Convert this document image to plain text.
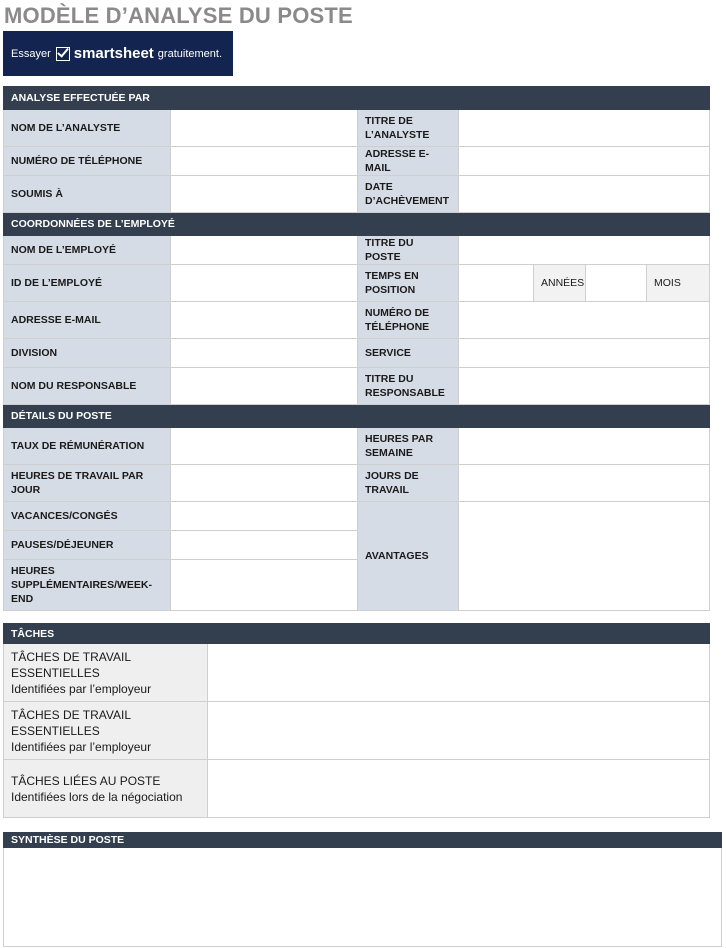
MODÈLE D’ANALYSE DU POSTE
Essayer smartsheet gratuitement.
ANALYSE EFFECTUÉE PAR						
NOM DE L’ANALYSTE		TITRE DE L’ANALYSTE				
NUMÉRO DE TÉLÉPHONE		ADRESSE E-MAIL				
SOUMIS À		DATE D’ACHÈVEMENT				
COORDONNÉES DE L’EMPLOYÉ						
NOM DE L’EMPLOYÉ		TITRE DU POSTE				
ID DE L’EMPLOYÉ		TEMPS EN POSITION		ANNÉES		MOIS
ADRESSE E-MAIL		NUMÉRO DE TÉLÉPHONE				
DIVISION		SERVICE				
NOM DU RESPONSABLE		TITRE DU RESPONSABLE				
DÉTAILS DU POSTE						
TAUX DE RÉMUNÉRATION		HEURES PAR SEMAINE				
HEURES DE TRAVAIL PAR JOUR		JOURS DE TRAVAIL				
VACANCES/CONGÉS		AVANTAGES				
PAUSES/DÉJEUNER						
HEURES SUPPLÉMENTAIRES/WEEK-END						
TÂCHES	

TÂCHES DE TRAVAIL ESSENTIELLES
Identifiées par l’employeur	

TÂCHES DE TRAVAIL ESSENTIELLES
Identifiées par l’employeur	

TÂCHES LIÉES AU POSTE
Identifiées lors de la négociation	

SYNTHÈSE DU POSTE
